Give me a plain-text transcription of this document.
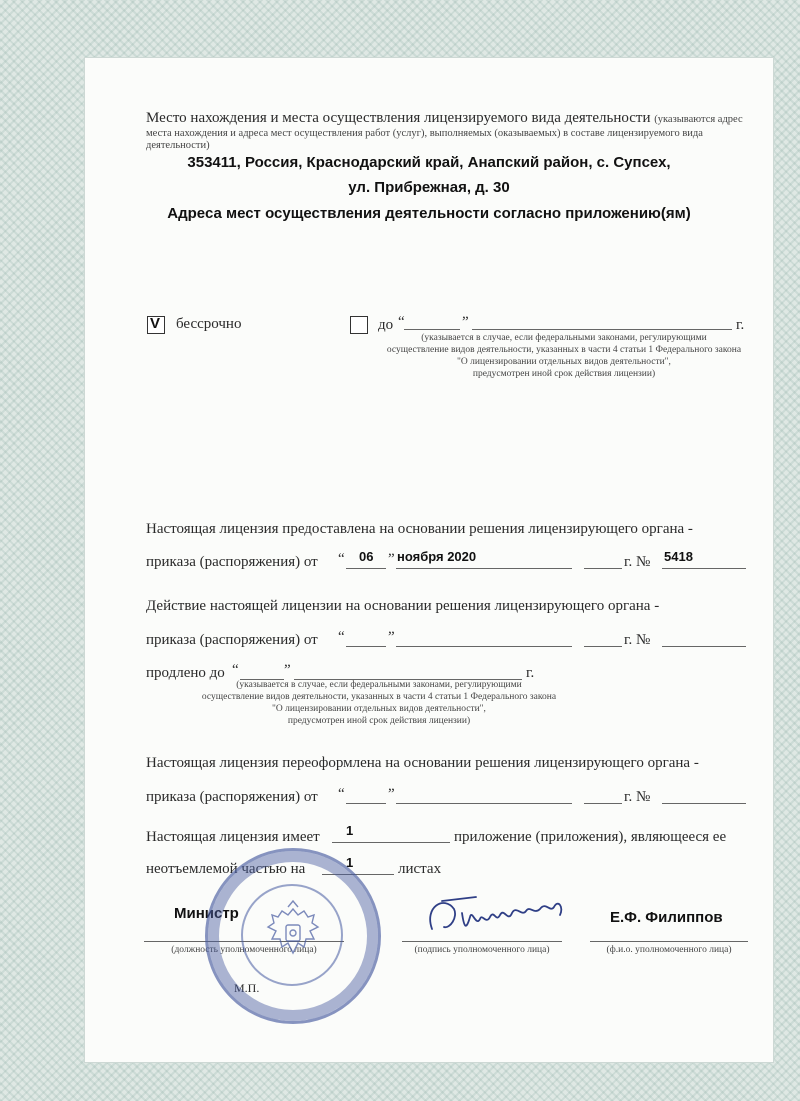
Место нахождения и места осуществления лицензируемого вида деятельности (указываются адрес
места нахождения и адреса мест осуществления работ (услуг), выполняемых (оказываемых) в составе лицензируемого вида
деятельности)
353411, Россия, Краснодарский край, Анапский район, с. Супсех,
ул. Прибрежная, д. 30
Адреса мест осуществления деятельности согласно приложению(ям)
V бессрочно	до “	”	г.
(указывается в случае, если федеральными законами, регулирующими
осуществление видов деятельности, указанных в части 4 статьи 1 Федерального закона
"О лицензировании отдельных видов деятельности",
предусмотрен иной срок действия лицензии)
Настоящая лицензия предоставлена на основании решения лицензирующего органа -
приказа (распоряжения) от “ 06 ” ноября 2020	г. № 5418
Действие настоящей лицензии на основании решения лицензирующего органа -
приказа (распоряжения) от “	”	г. №
продлено до “	”	г.
(указывается в случае, если федеральными законами, регулирующими
осуществление видов деятельности, указанных в части 4 статьи 1 Федерального закона
"О лицензировании отдельных видов деятельности",
предусмотрен иной срок действия лицензии)
Настоящая лицензия переоформлена на основании решения лицензирующего органа -
приказа (распоряжения) от “	”	г. №
Настоящая лицензия имеет 1	приложение (приложения), являющееся ее
неотъемлемой частью на	1	листах
Министр
(должность уполномоченного лица)	(подпись уполномоченного лица)
Е.Ф. Филиппов
(ф.и.о. уполномоченного лица)
М.П.
